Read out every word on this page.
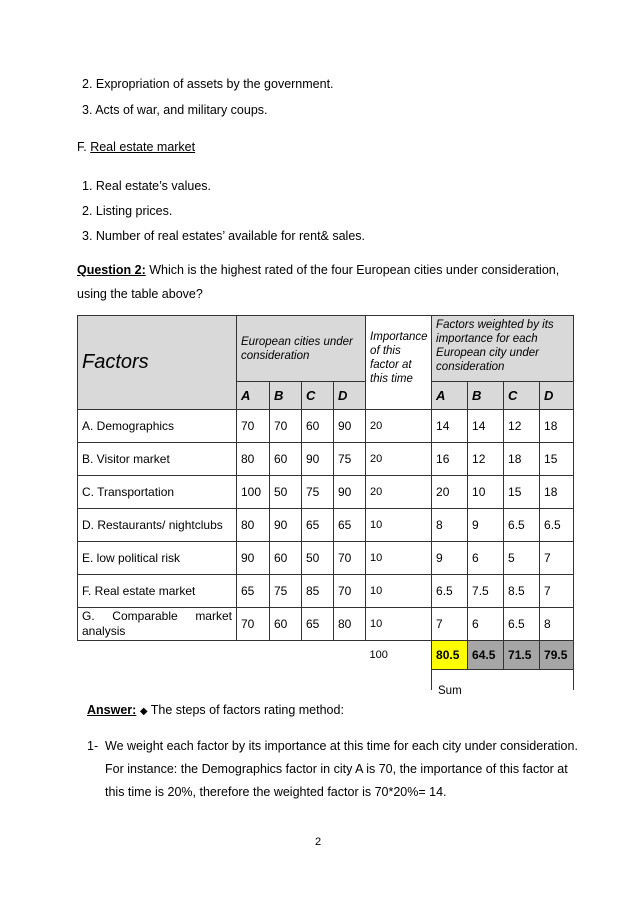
2. Expropriation of assets by the government.
3. Acts of war, and military coups.
F. Real estate market
1. Real estate’s values.
2. Listing prices.
3. Number of real estates’ available for rent& sales.
Question 2: Which is the highest rated of the four European cities under consideration,
using the table above?
Factors	European cities under consideration				Importance of this factor at this time	Factors weighted by its importance for each European city under consideration			
	A	B	C	D		A	B	C	D
A. Demographics	70	70	60	90	20	14	14	12	18
B. Visitor market	80	60	90	75	20	16	12	18	15
C. Transportation	100	50	75	90	20	20	10	15	18
D. Restaurants/ nightclubs	80	90	65	65	10	8	9	6.5	6.5
E. low political risk	90	60	50	70	10	9	6	5	7
F. Real estate market	65	75	85	70	10	6.5	7.5	8.5	7
G. Comparable market analysis	70	60	65	80	10	7	6	6.5	8
					100	80.5	64.5	71.5	79.5

Sum
Answer: ◆ The steps of factors rating method:
1- We weight each factor by its importance at this time for each city under consideration.
For instance: the Demographics factor in city A is 70, the importance of this factor at
this time is 20%, therefore the weighted factor is 70*20%= 14.
2
